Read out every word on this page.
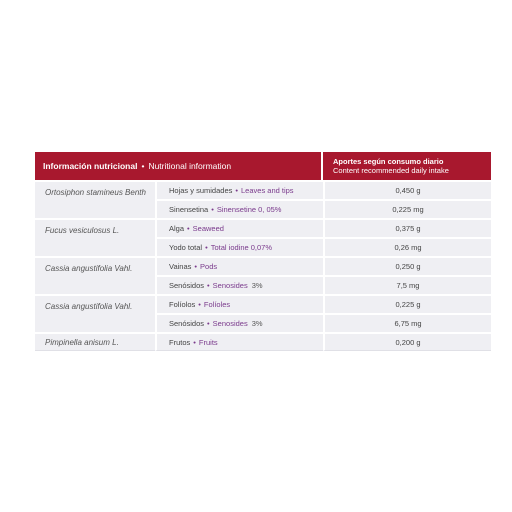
Información nutricional • Nutritional information	Aportes según consumo diario
Content recommended daily intake
Ortosiphon stamineus Benth	Hojas y sumidades • Leaves and tips	0,450 g
Sinensetina • Sinensetine 0, 05%	0,225 mg
Fucus vesiculosus L.	Alga • Seaweed	0,375 g
Yodo total • Total iodine 0,07%	0,26 mg
Cassia angustifolia Vahl.	Vainas • Pods	0,250 g
Senósidos • Senosides 3%	7,5 mg
Cassia angustifolia Vahl.	Folíolos • Folíoles	0,225 g
Senósidos • Senosides 3%	6,75 mg
Pimpinella anisum L.	Frutos • Fruits	0,200 g
